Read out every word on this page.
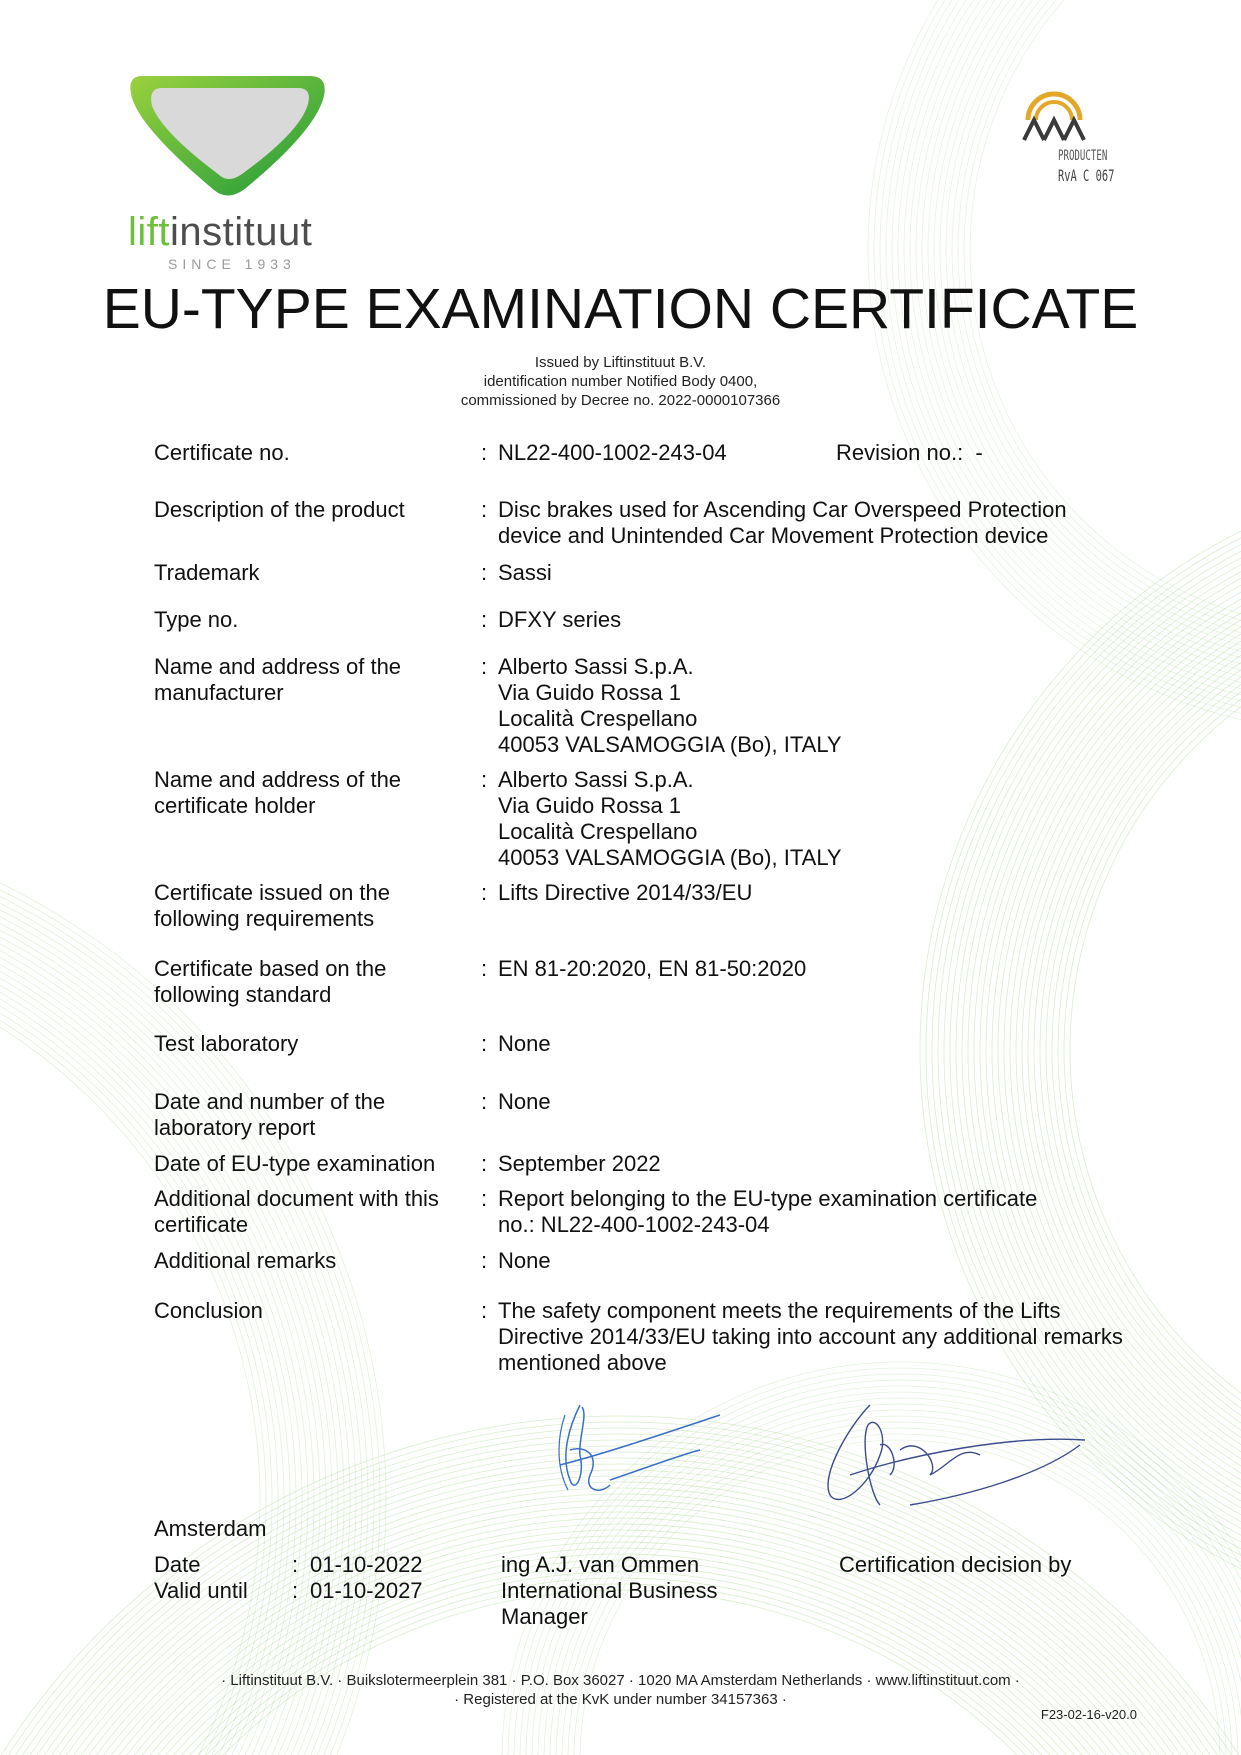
liftinstituut
SINCE 1933
PRODUCTEN
RvA C 067
EU-TYPE EXAMINATION CERTIFICATE
Issued by Liftinstituut B.V.
identification number Notified Body 0400,
commissioned by Decree no. 2022-0000107366
Certificate no.	: NL22-400-1002-243-04	Revision no.: -
Description of the product	: Disc brakes used for Ascending Car Overspeed Protection
device and Unintended Car Movement Protection device
Trademark	: Sassi
Type no.	: DFXY series
Name and address of the manufacturer
: Alberto Sassi S.p.A.
Via Guido Rossa 1
Località Crespellano
40053 VALSAMOGGIA (Bo), ITALY
Name and address of the certificate holder
: Alberto Sassi S.p.A.
Via Guido Rossa 1
Località Crespellano
40053 VALSAMOGGIA (Bo), ITALY
Certificate issued on the following requirements
: Lifts Directive 2014/33/EU
Certificate based on the following standard
: EN 81-20:2020, EN 81-50:2020
Test laboratory	: None
Date and number of the laboratory report
: None
Date of EU-type examination	: September 2022
Additional document with this certificate
: Report belonging to the EU-type examination certificate
no.: NL22-400-1002-243-04
Additional remarks	: None
Conclusion	: The safety component meets the requirements of the Lifts
Directive 2014/33/EU taking into account any additional remarks
mentioned above
Amsterdam
Date	: 01-10-2022
Valid until : 01-10-2027
ing A.J. van Ommen
International Business
Manager
Certification decision by
· Liftinstituut B.V. · Buikslotermeerplein 381 · P.O. Box 36027 · 1020 MA Amsterdam Netherlands · www.liftinstituut.com ·
· Registered at the KvK under number 34157363 ·
F23-02-16-v20.0
